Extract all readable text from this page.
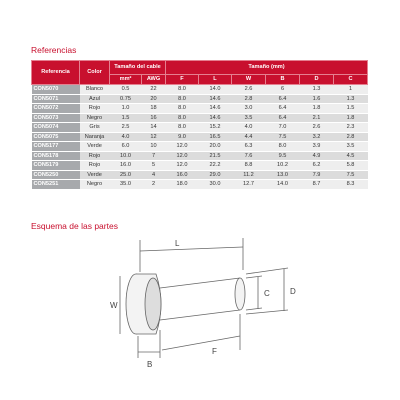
Referencias
Referencia	Color	Tamaño del cable		Tamaño (mm)					
		mm²	AWG	F	L	W	B	D	C
CON5070	Blanco	0.5	22	8.0	14.0	2.6	6	1.3	1
CON5071	Azul	0.75	20	8.0	14.6	2.8	6.4	1.6	1.3
CON5072	Rojo	1.0	18	8.0	14.6	3.0	6.4	1.8	1.5
CON5073	Negro	1.5	16	8.0	14.6	3.5	6.4	2.1	1.8
CON5074	Gris	2.5	14	8.0	15.2	4.0	7.0	2.6	2.3
CON5075	Naranja	4.0	12	9.0	16.5	4.4	7.5	3.2	2.8
CON5177	Verde	6.0	10	12.0	20.0	6.3	8.0	3.9	3.5
CON5178	Rojo	10.0	7	12.0	21.5	7.6	9.5	4.9	4.5
CON5179	Rojo	16.0	5	12.0	22.2	8.8	10.2	6.2	5.8
CON5250	Verde	25.0	4	16.0	29.0	11.2	13.0	7.9	7.5
CON5251	Negro	35.0	2	18.0	30.0	12.7	14.0	8.7	8.3
Esquema de las partes
L
W
B
F
C	D
